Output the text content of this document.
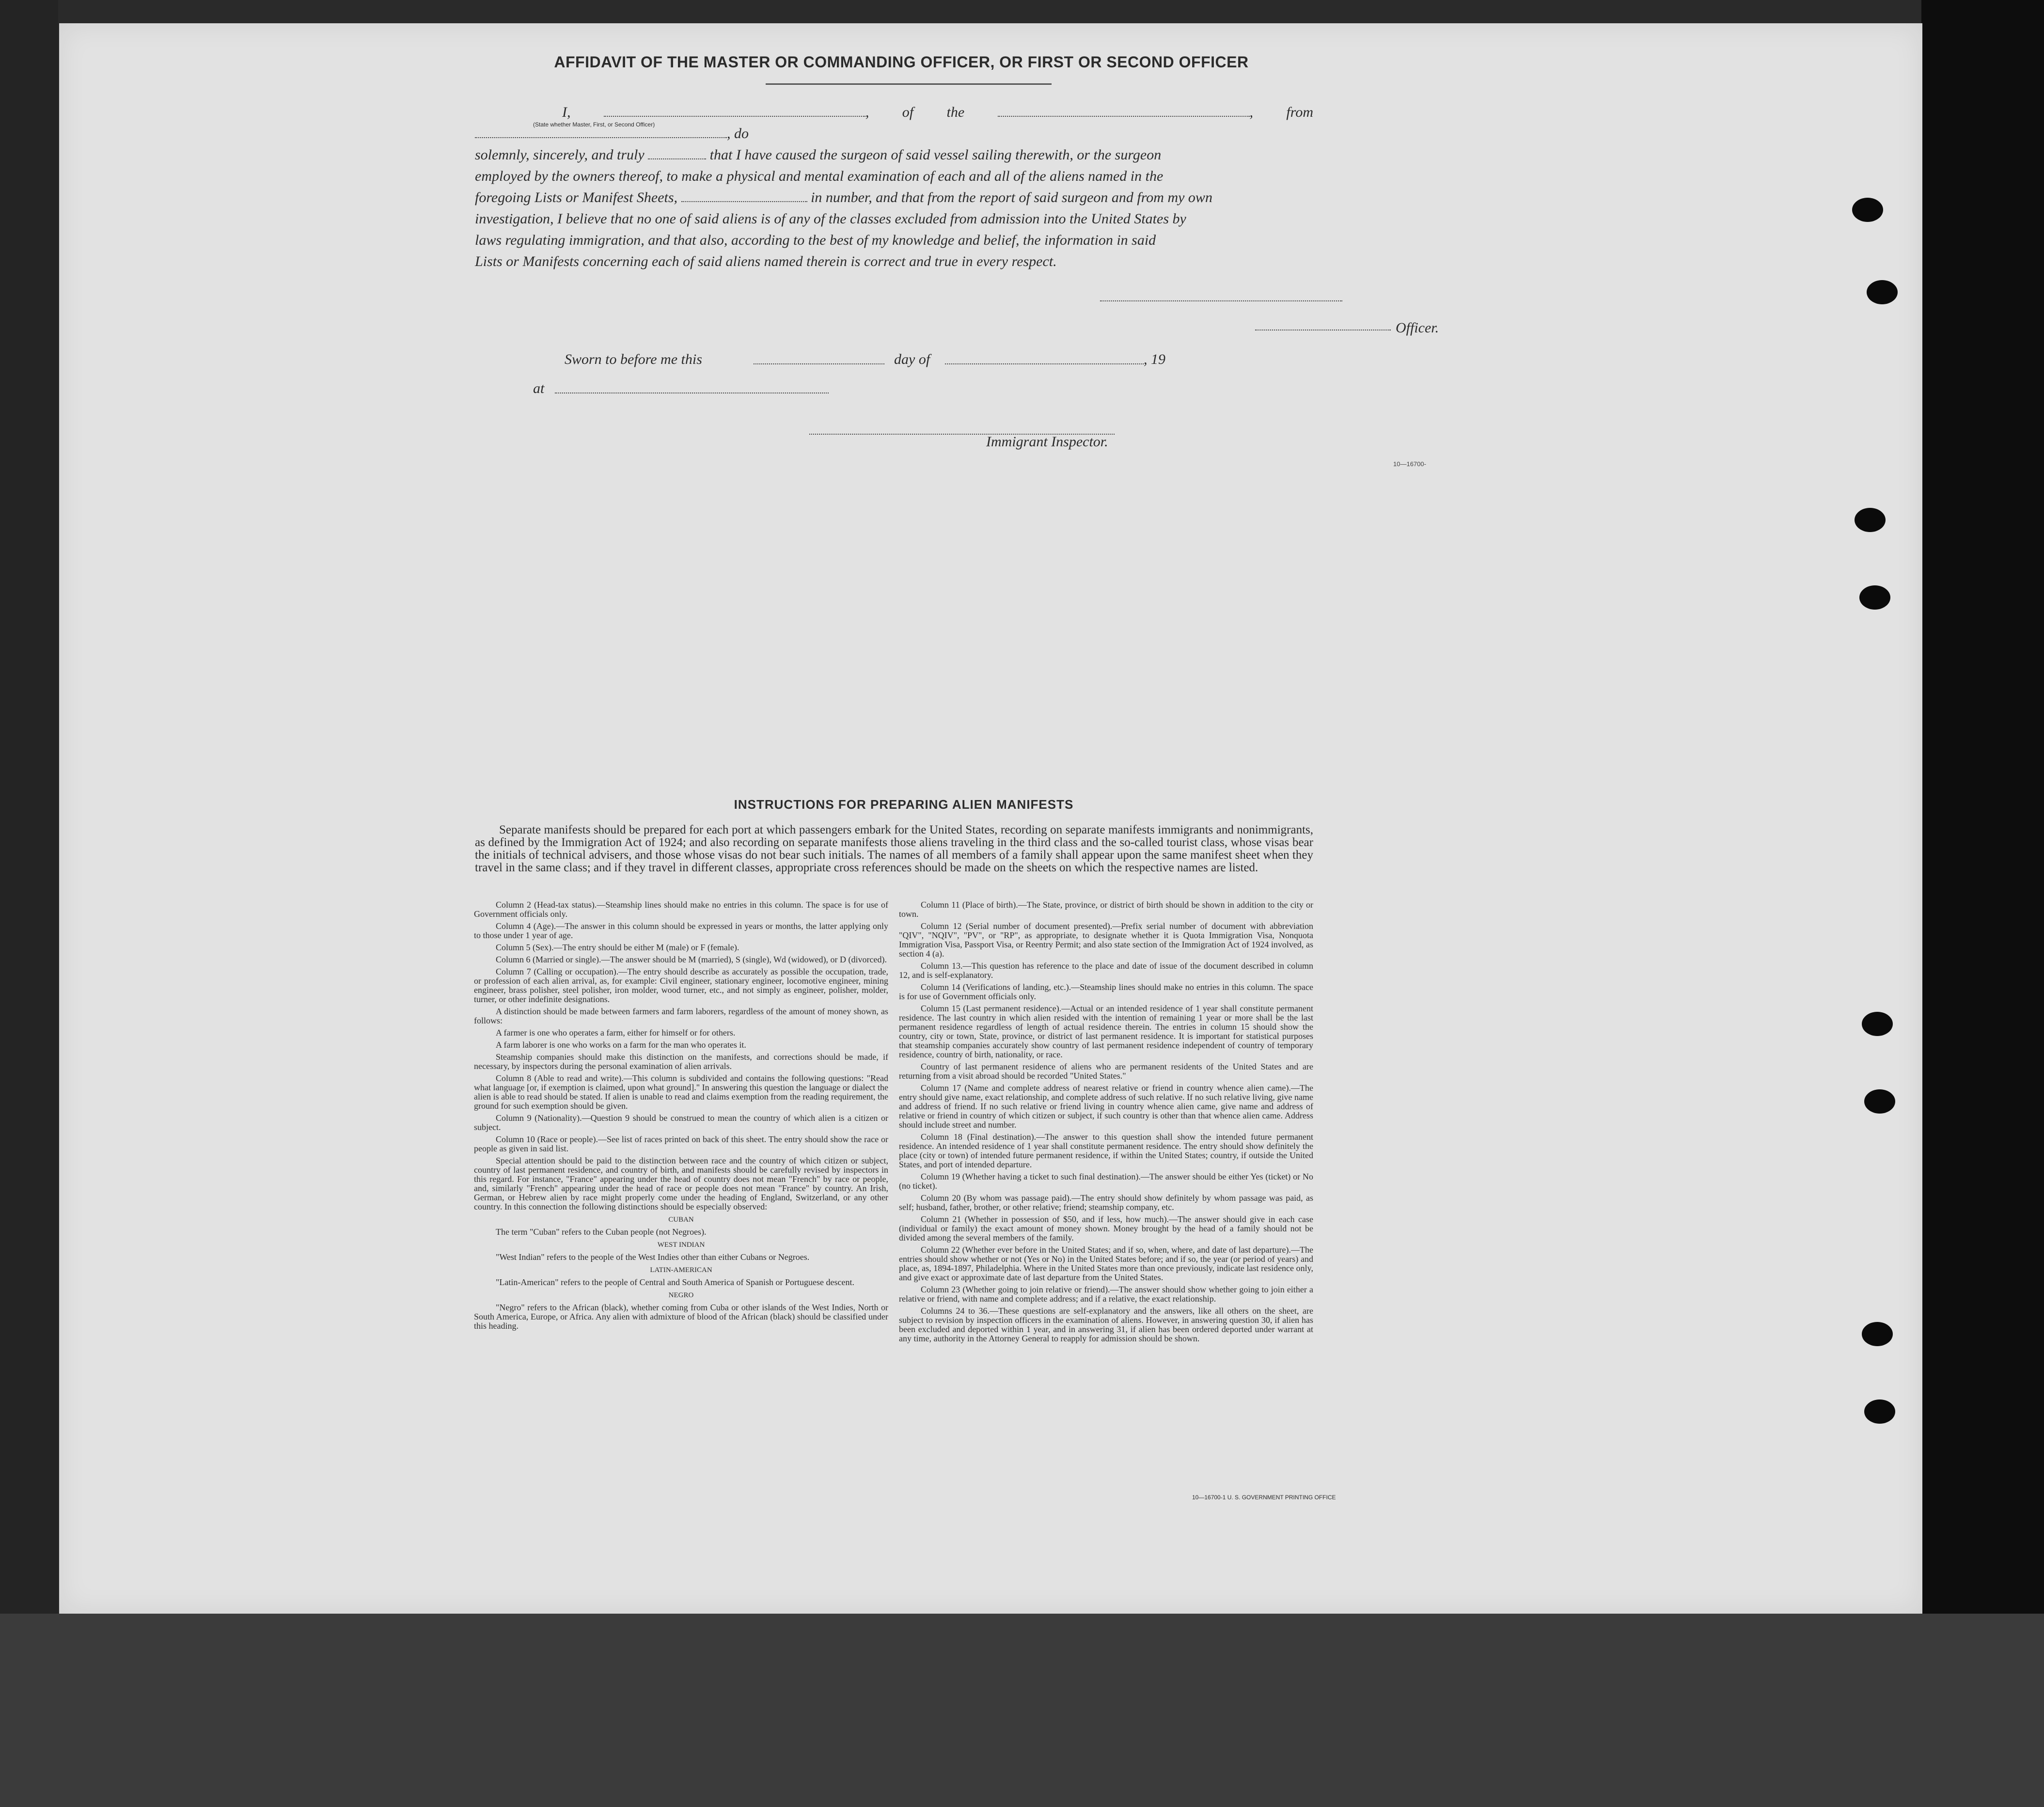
AFFIDAVIT OF THE MASTER OR COMMANDING OFFICER, OR FIRST OR SECOND OFFICER

I,	, of the	, from , do

solemnly, sincerely, and truly	that I have caused the surgeon of said vessel sailing therewith, or the surgeon

employed by the owners thereof, to make a physical and mental examination of each and all of the aliens named in the

foregoing Lists or Manifest Sheets,	in number, and that from the report of said surgeon and from my own

investigation, I believe that no one of said aliens is of any of the classes excluded from admission into the United States by

laws regulating immigration, and that also, according to the best of my knowledge and belief, the information in said

Lists or Manifests concerning each of said aliens named therein is correct and true in every respect.

(State whether Master, First, or Second Officer)
Officer.
Sworn to before me this	day of	, 19
at
Immigrant Inspector.
10—16700-
INSTRUCTIONS FOR PREPARING ALIEN MANIFESTS

Separate manifests should be prepared for each port at which passengers embark for the United States, recording on separate manifests immigrants and nonimmigrants, as defined by the Immigration Act of 1924; and also recording on separate manifests those aliens traveling in the third class and the so-called tourist class, whose visas bear the initials of technical advisers, and those whose visas do not bear such initials. The names of all members of a family shall appear upon the same manifest sheet when they travel in the same class; and if they travel in different classes, appropriate cross references should be made on the sheets on which the respective names are listed.

Column 2 (Head-tax status).—Steamship lines should make no entries in this column. The space is for use of Government officials only.

Column 4 (Age).—The answer in this column should be expressed in years or months, the latter applying only to those under 1 year of age.

Column 5 (Sex).—The entry should be either M (male) or F (female).

Column 6 (Married or single).—The answer should be M (married), S (single), Wd (widowed), or D (divorced).

Column 7 (Calling or occupation).—The entry should describe as accurately as possible the occupation, trade, or profession of each alien arrival, as, for example: Civil engineer, stationary engineer, locomotive engineer, mining engineer, brass polisher, steel polisher, iron molder, wood turner, etc., and not simply as engineer, polisher, molder, turner, or other indefinite designations.

A distinction should be made between farmers and farm laborers, regardless of the amount of money shown, as follows:

A farmer is one who operates a farm, either for himself or for others.

A farm laborer is one who works on a farm for the man who operates it.

Steamship companies should make this distinction on the manifests, and corrections should be made, if necessary, by inspectors during the personal examination of alien arrivals.

Column 8 (Able to read and write).—This column is subdivided and contains the following questions: "Read what language [or, if exemption is claimed, upon what ground]." In answering this question the language or dialect the alien is able to read should be stated. If alien is unable to read and claims exemption from the reading requirement, the ground for such exemption should be given.

Column 9 (Nationality).—Question 9 should be construed to mean the country of which alien is a citizen or subject.

Column 10 (Race or people).—See list of races printed on back of this sheet. The entry should show the race or people as given in said list.

Special attention should be paid to the distinction between race and the country of which citizen or subject, country of last permanent residence, and country of birth, and manifests should be carefully revised by inspectors in this regard. For instance, "France" appearing under the head of country does not mean "French" by race or people, and, similarly "French" appearing under the head of race or people does not mean "France" by country. An Irish, German, or Hebrew alien by race might properly come under the heading of England, Switzerland, or any other country. In this connection the following distinctions should be especially observed:

CUBAN

The term "Cuban" refers to the Cuban people (not Negroes).

WEST INDIAN

"West Indian" refers to the people of the West Indies other than either Cubans or Negroes.

LATIN-AMERICAN

"Latin-American" refers to the people of Central and South America of Spanish or Portuguese descent.

NEGRO

"Negro" refers to the African (black), whether coming from Cuba or other islands of the West Indies, North or South America, Europe, or Africa. Any alien with admixture of blood of the African (black) should be classified under this heading.

Column 11 (Place of birth).—The State, province, or district of birth should be shown in addition to the city or town.

Column 12 (Serial number of document presented).—Prefix serial number of document with abbreviation "QIV", "NQIV", "PV", or "RP", as appropriate, to designate whether it is Quota Immigration Visa, Nonquota Immigration Visa, Passport Visa, or Reentry Permit; and also state section of the Immigration Act of 1924 involved, as section 4 (a).

Column 13.—This question has reference to the place and date of issue of the document described in column 12, and is self-explanatory.

Column 14 (Verifications of landing, etc.).—Steamship lines should make no entries in this column. The space is for use of Government officials only.

Column 15 (Last permanent residence).—Actual or an intended residence of 1 year shall constitute permanent residence. The last country in which alien resided with the intention of remaining 1 year or more shall be the last permanent residence regardless of length of actual residence therein. The entries in column 15 should show the country, city or town, State, province, or district of last permanent residence. It is important for statistical purposes that steamship companies accurately show country of last permanent residence independent of country of temporary residence, country of birth, nationality, or race.

Country of last permanent residence of aliens who are permanent residents of the United States and are returning from a visit abroad should be recorded "United States."

Column 17 (Name and complete address of nearest relative or friend in country whence alien came).—The entry should give name, exact relationship, and complete address of such relative. If no such relative living, give name and address of friend. If no such relative or friend living in country whence alien came, give name and address of relative or friend in country of which citizen or subject, if such country is other than that whence alien came. Address should include street and number.

Column 18 (Final destination).—The answer to this question shall show the intended future permanent residence. An intended residence of 1 year shall constitute permanent residence. The entry should show definitely the place (city or town) of intended future permanent residence, if within the United States; country, if outside the United States, and port of intended departure.

Column 19 (Whether having a ticket to such final destination).—The answer should be either Yes (ticket) or No (no ticket).

Column 20 (By whom was passage paid).—The entry should show definitely by whom passage was paid, as self; husband, father, brother, or other relative; friend; steamship company, etc.

Column 21 (Whether in possession of $50, and if less, how much).—The answer should give in each case (individual or family) the exact amount of money shown. Money brought by the head of a family should not be divided among the several members of the family.

Column 22 (Whether ever before in the United States; and if so, when, where, and date of last departure).—The entries should show whether or not (Yes or No) in the United States before; and if so, the year (or period of years) and place, as, 1894-1897, Philadelphia. Where in the United States more than once previously, indicate last residence only, and give exact or approximate date of last departure from the United States.

Column 23 (Whether going to join relative or friend).—The answer should show whether going to join either a relative or friend, with name and complete address; and if a relative, the exact relationship.

Columns 24 to 36.—These questions are self-explanatory and the answers, like all others on the sheet, are subject to revision by inspection officers in the examination of aliens. However, in answering question 30, if alien has been excluded and deported within 1 year, and in answering 31, if alien has been ordered deported under warrant at any time, authority in the Attorney General to reapply for admission should be shown.

10—16700-1 U. S. GOVERNMENT PRINTING OFFICE
